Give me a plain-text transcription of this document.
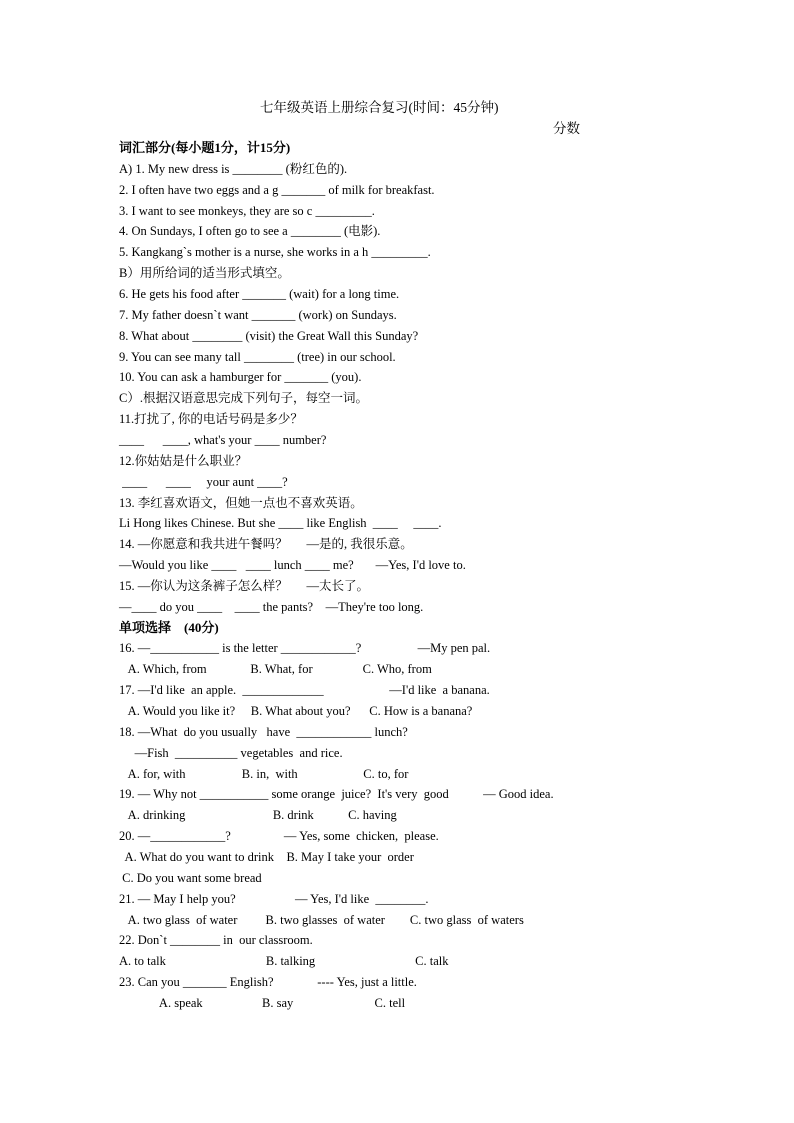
七年级英语上册综合复习(时间：45分钟)
分数
词汇部分(每小题1分，计15分)
A) 1. My new dress is ________ (粉红色的).
2. I often have two eggs and a g _______ of milk for breakfast.
3. I want to see monkeys, they are so c _________.
4. On Sundays, I often go to see a ________ (电影).
5. Kangkang`s mother is a nurse, she works in a h _________.
B）用所给词的适当形式填空。
6. He gets his food after _______ (wait) for a long time.
7. My father doesn`t want _______ (work) on Sundays.
8. What about ________ (visit) the Great Wall this Sunday?
9. You can see many tall ________ (tree) in our school.
10. You can ask a hamburger for _______ (you).
C）.根据汉语意思完成下列句子，每空一词。
11.打扰了, 你的电话号码是多少？
____      ____, what's your ____ number?
12.你姑姑是什么职业？
____      ____     your aunt ____?
13. 李红喜欢语文，但她一点也不喜欢英语。
Li Hong likes Chinese. But she ____ like English  ____     ____.
14. —你愿意和我共进午餐吗？      —是的, 我很乐意。
—Would you like ____   ____ lunch ____ me?       —Yes, I'd love to.
15. —你认为这条裤子怎么样？      —太长了。
—____ do you ____    ____ the pants?    —They're too long.
单项选择    (40分)
16. —___________ is the letter ____________?                  —My pen pal.
A. Which, from              B. What, for                C. Who, from
17. —I'd like  an apple.  _____________                     —I'd like  a banana.
A. Would you like it?     B. What about you?      C. How is a banana?
18. —What  do you usually   have  ____________ lunch?
—Fish  __________ vegetables  and rice.
A. for, with                  B. in,  with                     C. to, for
19. — Why not ___________ some orange  juice?  It's very  good           — Good idea.
A. drinking                            B. drink           C. having
20. —____________?                 — Yes, some  chicken,  please.
A. What do you want to drink    B. May I take your  order
C. Do you want some bread
21. — May I help you?                   — Yes, I'd like  ________.
A. two glass  of water         B. two glasses  of water        C. two glass  of waters
22. Don`t ________ in  our classroom.
A. to talk                                B. talking                                C. talk
23. Can you _______ English?              ---- Yes, just a little.
A. speak                   B. say                          C. tell
